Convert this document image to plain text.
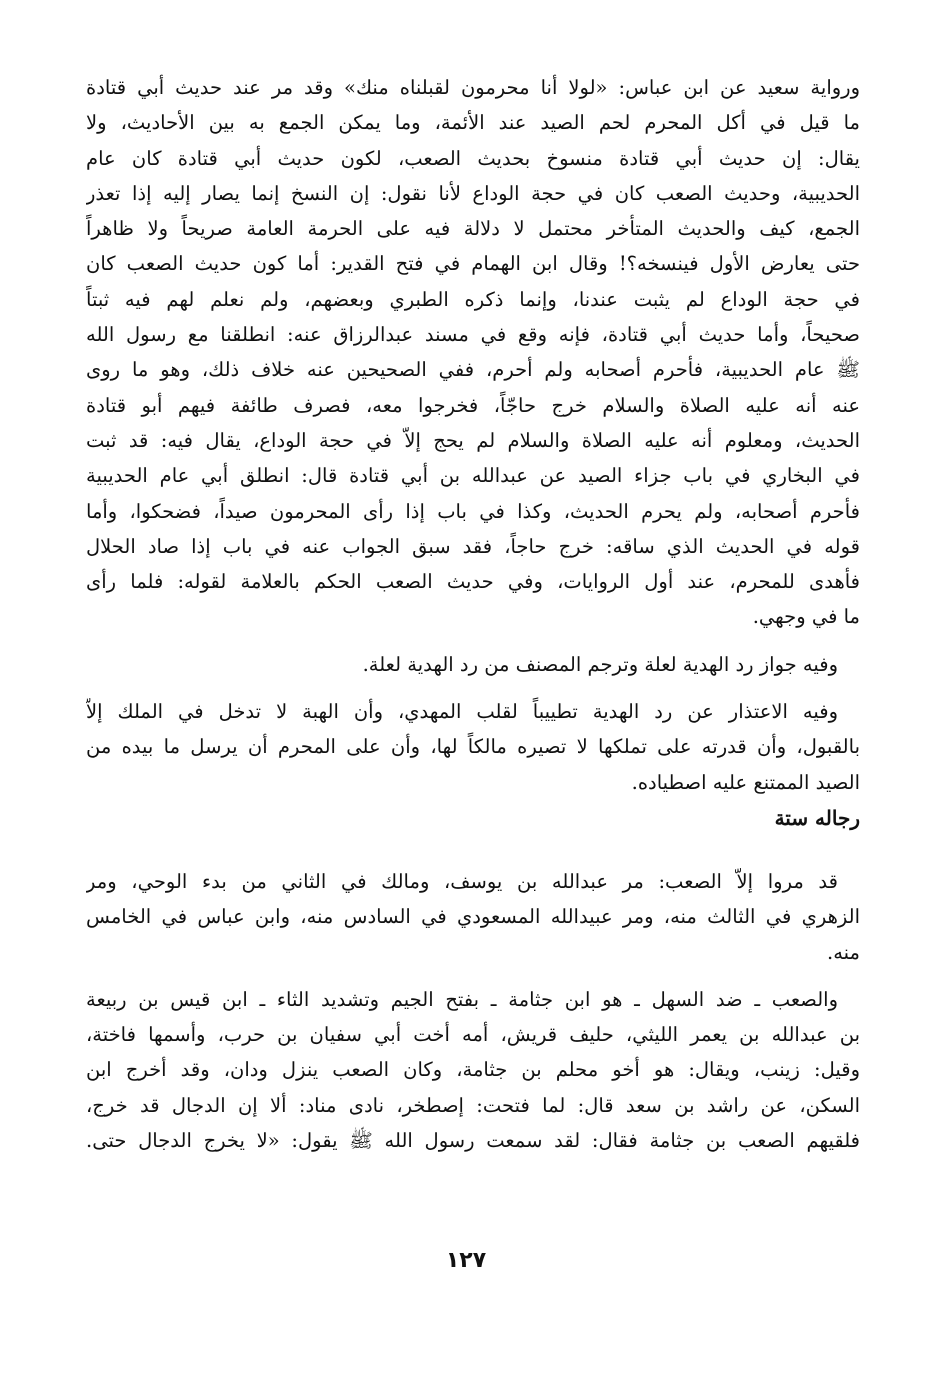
ورواية سعيد عن ابن عباس: «لولا أنا محرمون لقبلناه منك» وقد مر عند حديث أبي قتادة
ما قيل في أكل المحرم لحم الصيد عند الأئمة، وما يمكن الجمع به بين الأحاديث، ولا
يقال: إن حديث أبي قتادة منسوخ بحديث الصعب، لكون حديث أبي قتادة كان عام
الحديبية، وحديث الصعب كان في حجة الوداع لأنا نقول: إن النسخ إنما يصار إليه إذا تعذر
الجمع، كيف والحديث المتأخر محتمل لا دلالة فيه على الحرمة العامة صريحاً ولا ظاهراً
حتى يعارض الأول فينسخه؟! وقال ابن الهمام في فتح القدير: أما كون حديث الصعب كان
في حجة الوداع لم يثبت عندنا، وإنما ذكره الطبري وبعضهم، ولم نعلم لهم فيه ثبتاً
صحيحاً، وأما حديث أبي قتادة، فإنه وقع في مسند عبدالرزاق عنه: انطلقنا مع رسول الله
ﷺ عام الحديبية، فأحرم أصحابه ولم أحرم، ففي الصحيحين عنه خلاف ذلك، وهو ما روى
عنه أنه عليه الصلاة والسلام خرج حاجّاً، فخرجوا معه، فصرف طائفة فيهم أبو قتادة
الحديث، ومعلوم أنه عليه الصلاة والسلام لم يحج إلاّ في حجة الوداع، يقال فيه: قد ثبت
في البخاري في باب جزاء الصيد عن عبدالله بن أبي قتادة قال: انطلق أبي عام الحديبية
فأحرم أصحابه، ولم يحرم الحديث، وكذا في باب إذا رأى المحرمون صيداً، فضحكوا، وأما
قوله في الحديث الذي ساقه: خرج حاجاً، فقد سبق الجواب عنه في باب إذا صاد الحلال
فأهدى للمحرم، عند أول الروايات، وفي حديث الصعب الحكم بالعلامة لقوله: فلما رأى
ما في وجهي.

وفيه جواز رد الهدية لعلة وترجم المصنف من رد الهدية لعلة.

وفيه الاعتذار عن رد الهدية تطييباً لقلب المهدي، وأن الهبة لا تدخل في الملك إلاّ
بالقبول، وأن قدرته على تملكها لا تصيره مالكاً لها، وأن على المحرم أن يرسل ما بيده من
الصيد الممتنع عليه اصطياده.

رجاله ستة

قد مروا إلاّ الصعب: مر عبدالله بن يوسف، ومالك في الثاني من بدء الوحي، ومر
الزهري في الثالث منه، ومر عبيدالله المسعودي في السادس منه، وابن عباس في الخامس
منه.

والصعب ـ ضد السهل ـ هو ابن جثامة ـ بفتح الجيم وتشديد الثاء ـ ابن قيس بن ربيعة
بن عبدالله بن يعمر الليثي، حليف قريش، أمه أخت أبي سفيان بن حرب، وأسمها فاختة،
وقيل: زينب، ويقال: هو أخو محلم بن جثامة، وكان الصعب ينزل ودان، وقد أخرج ابن
السكن، عن راشد بن سعد قال: لما فتحت: إصطخر، نادى مناد: ألا إن الدجال قد خرج،
فلقيهم الصعب بن جثامة فقال: لقد سمعت رسول الله ﷺ يقول: «لا يخرج الدجال حتى.

١٢٧
